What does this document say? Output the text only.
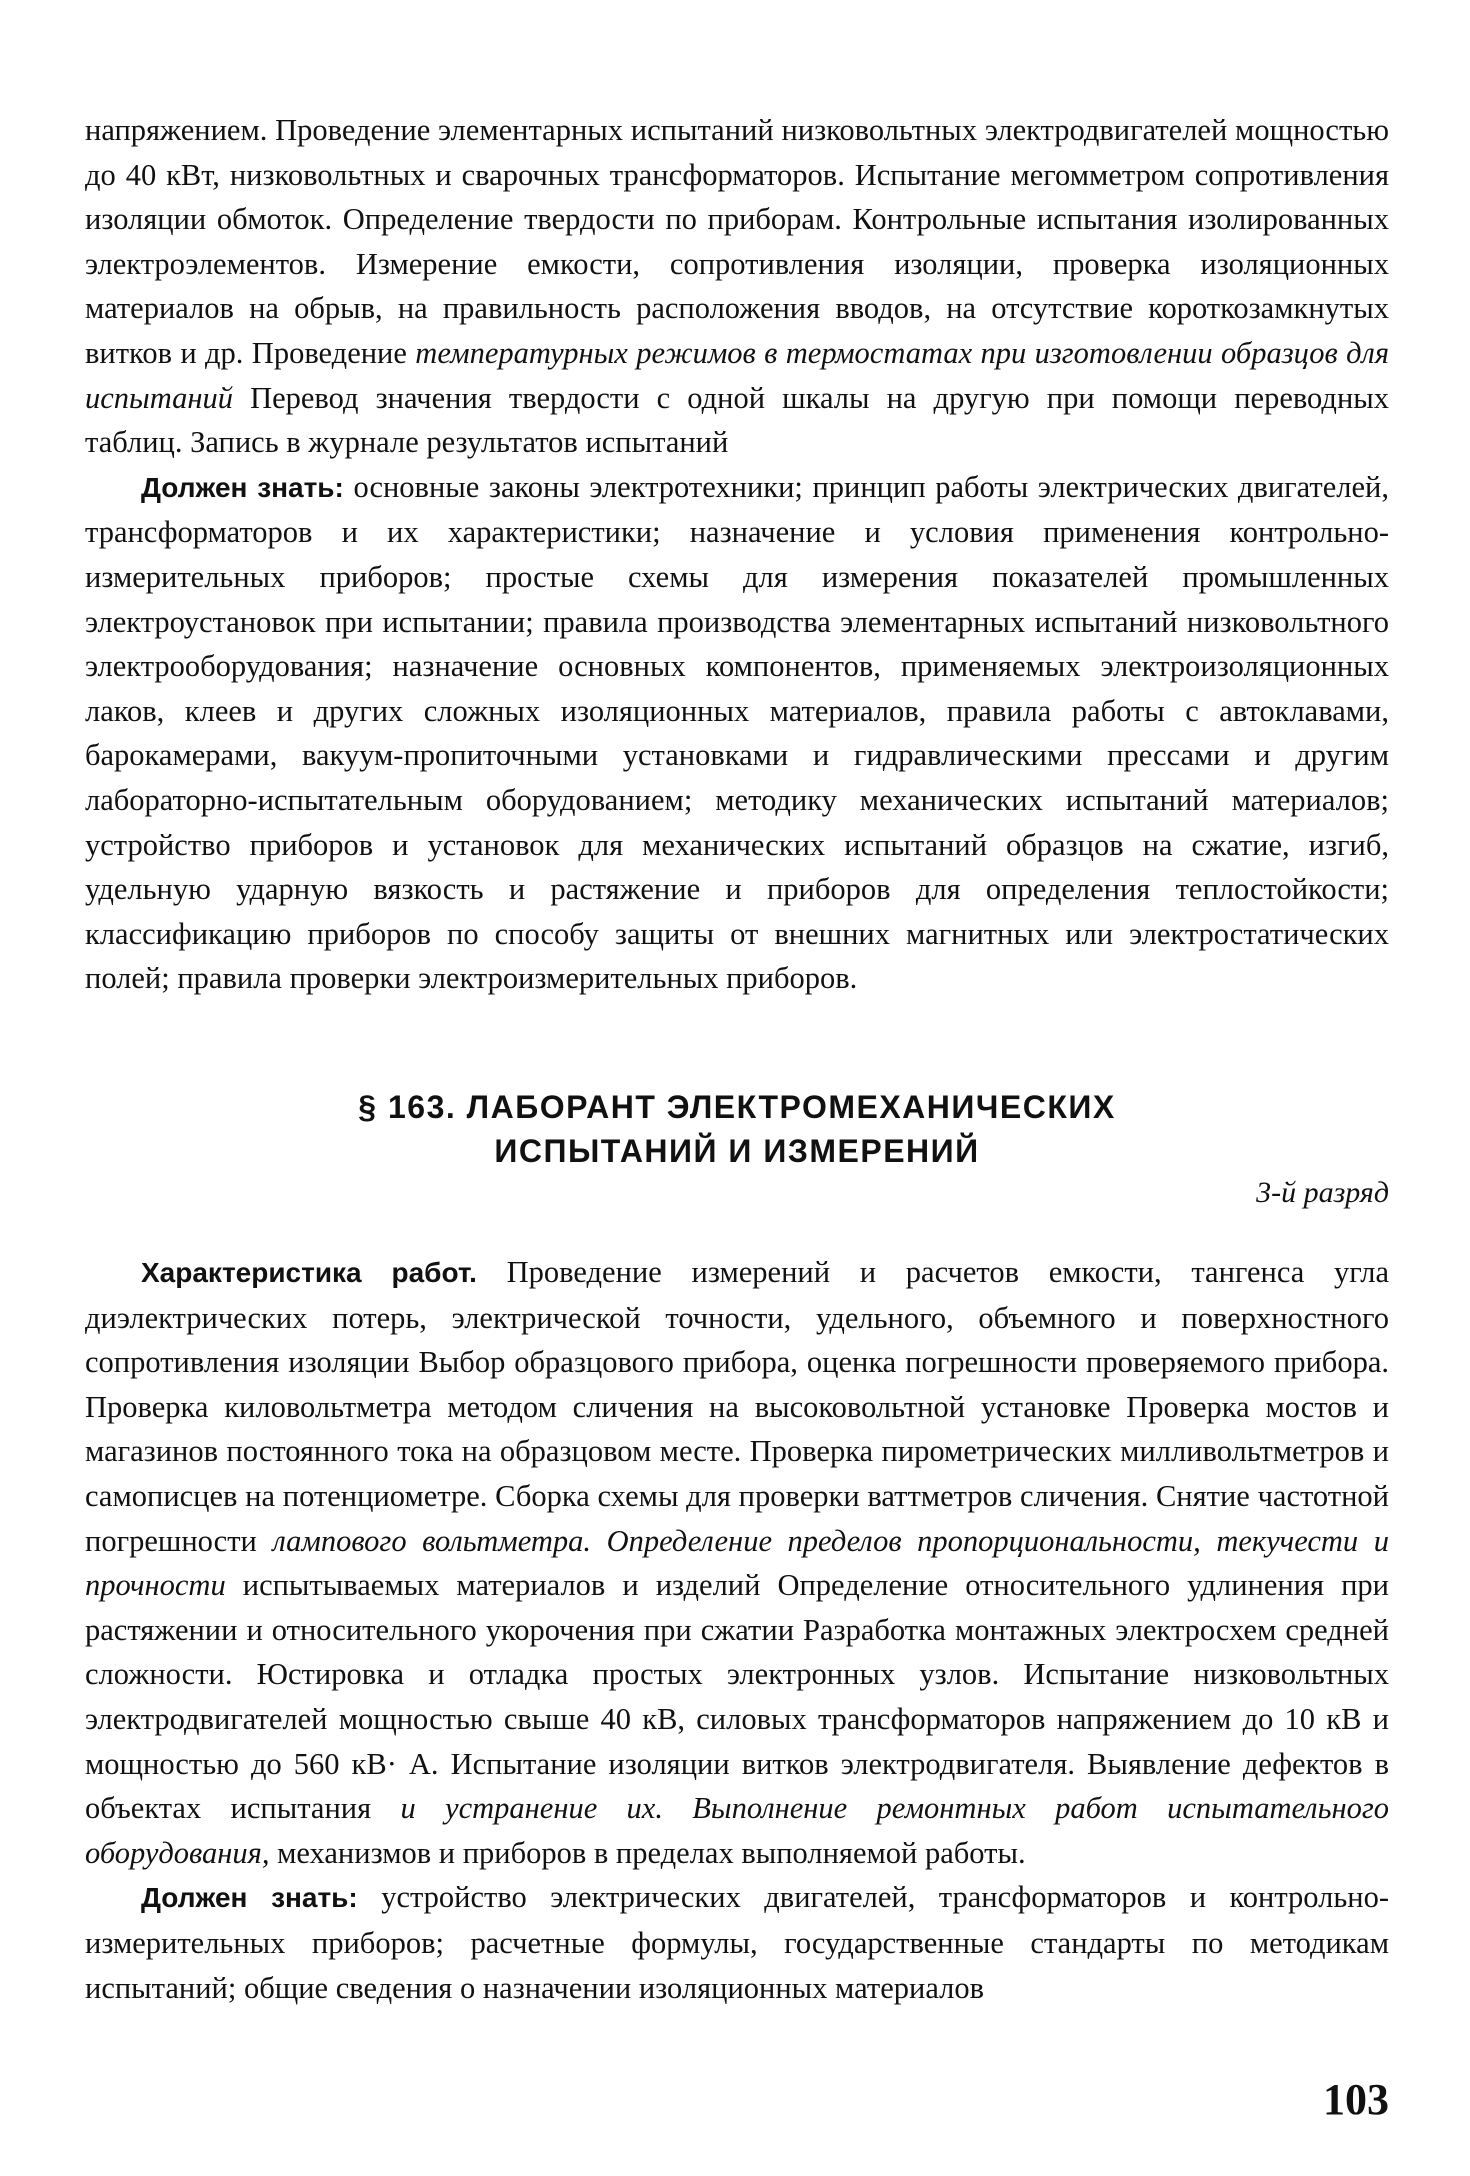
напряжением. Проведение элементарных испытаний низковольтных электродвигателей мощностью до 40 кВт, низковольтных и сварочных трансформаторов. Испытание мегомметром сопротивления изоляции обмоток. Определение твердости по приборам. Контрольные испытания изолированных электроэлементов. Измерение емкости, сопротивления изоляции, проверка изоляционных материалов на обрыв, на правильность расположения вводов, на отсутствие короткозамкнутых витков и др. Проведение температурных режимов в термостатах при изготовлении образцов для испытаний Перевод значения твердости с одной шкалы на другую при помощи переводных таблиц. Запись в журнале результатов испытаний

Должен знать: основные законы электротехники; принцип работы электрических двигателей, трансформаторов и их характеристики; назначение и условия применения контрольно-измерительных приборов; простые схемы для измерения показателей промышленных электроустановок при испытании; правила производства элементарных испытаний низковольтного электрооборудования; назначение основных компонентов, применяемых электроизоляционных лаков, клеев и других сложных изоляционных материалов, правила работы с автоклавами, барокамерами, вакуум-пропиточными установками и гидравлическими прессами и другим лабораторно-испытательным оборудованием; методику механических испытаний материалов; устройство приборов и установок для механических испытаний образцов на сжатие, изгиб, удельную ударную вязкость и растяжение и приборов для определения теплостойкости; классификацию приборов по способу защиты от внешних магнитных или электростатических полей; правила проверки электроизмерительных приборов.

§ 163. ЛАБОРАНТ ЭЛЕКТРОМЕХАНИЧЕСКИХ
ИСПЫТАНИЙ И ИЗМЕРЕНИЙ
3-й разряд

Характеристика работ. Проведение измерений и расчетов емкости, тангенса угла диэлектрических потерь, электрической точности, удельного, объемного и поверхностного сопротивления изоляции Выбор образцового прибора, оценка погрешности проверяемого прибора. Проверка киловольтметра методом сличения на высоковольтной установке Проверка мостов и магазинов постоянного тока на образцовом месте. Проверка пирометрических милливольтметров и самописцев на потенциометре. Сборка схемы для проверки ваттметров сличения. Снятие частотной погрешности лампового вольтметра. Определение пределов пропорциональности, текучести и прочности испытываемых материалов и изделий Определение относительного удлинения при растяжении и относительного укорочения при сжатии Разработка монтажных электросхем средней сложности. Юстировка и отладка простых электронных узлов. Испытание низковольтных электродвигателей мощностью свыше 40 кВ, силовых трансформаторов напряжением до 10 кВ и мощностью до 560 кВ· А. Испытание изоляции витков электродвигателя. Выявление дефектов в объектах испытания и устранение их. Выполнение ремонтных работ испытательного оборудования, механизмов и приборов в пределах выполняемой работы.

Должен знать: устройство электрических двигателей, трансформаторов и контрольно-измерительных приборов; расчетные формулы, государственные стандарты по методикам испытаний; общие сведения о назначении изоляционных материалов

103
